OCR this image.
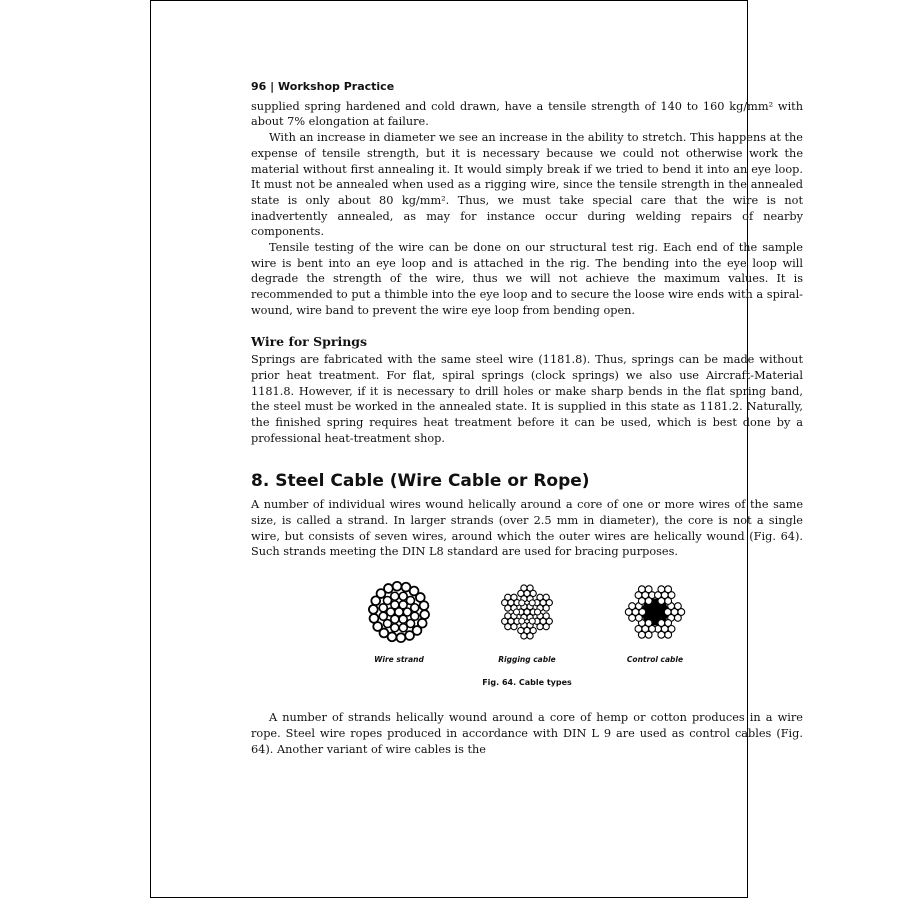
96 | Workshop Practice

supplied spring hardened and cold drawn, have a tensile strength of 140 to 160 kg/mm² with about 7% elongation at failure.

With an increase in diameter we see an increase in the ability to stretch. This happens at the expense of tensile strength, but it is necessary because we could not otherwise work the material without first annealing it. It would simply break if we tried to bend it into an eye loop. It must not be annealed when used as a rigging wire, since the tensile strength in the annealed state is only about 80 kg/mm². Thus, we must take special care that the wire is not inadvertently annealed, as may for instance occur during welding repairs of nearby components.

Tensile testing of the wire can be done on our structural test rig. Each end of the sample wire is bent into an eye loop and is attached in the rig. The bending into the eye loop will degrade the strength of the wire, thus we will not achieve the maximum values. It is recommended to put a thimble into the eye loop and to secure the loose wire ends with a spiral-wound, wire band to prevent the wire eye loop from bending open.

Wire for Springs

Springs are fabricated with the same steel wire (1181.8). Thus, springs can be made without prior heat treatment. For flat, spiral springs (clock springs) we also use Aircraft-Material 1181.8. However, if it is necessary to drill holes or make sharp bends in the flat spring band, the steel must be worked in the annealed state. It is supplied in this state as 1181.2. Naturally, the finished spring requires heat treatment before it can be used, which is best done by a professional heat-treatment shop.

8. Steel Cable (Wire Cable or Rope)

A number of individual wires wound helically around a core of one or more wires of the same size, is called a strand. In larger strands (over 2.5 mm in diameter), the core is not a single wire, but consists of seven wires, around which the outer wires are helically wound (Fig. 64). Such strands meeting the DIN L8 standard are used for bracing purposes.

Wire strand	Rigging cable	Control cable
Fig. 64. Cable types

A number of strands helically wound around a core of hemp or cotton produces in a wire rope. Steel wire ropes produced in accordance with DIN L 9 are used as control cables (Fig. 64). Another variant of wire cables is the
